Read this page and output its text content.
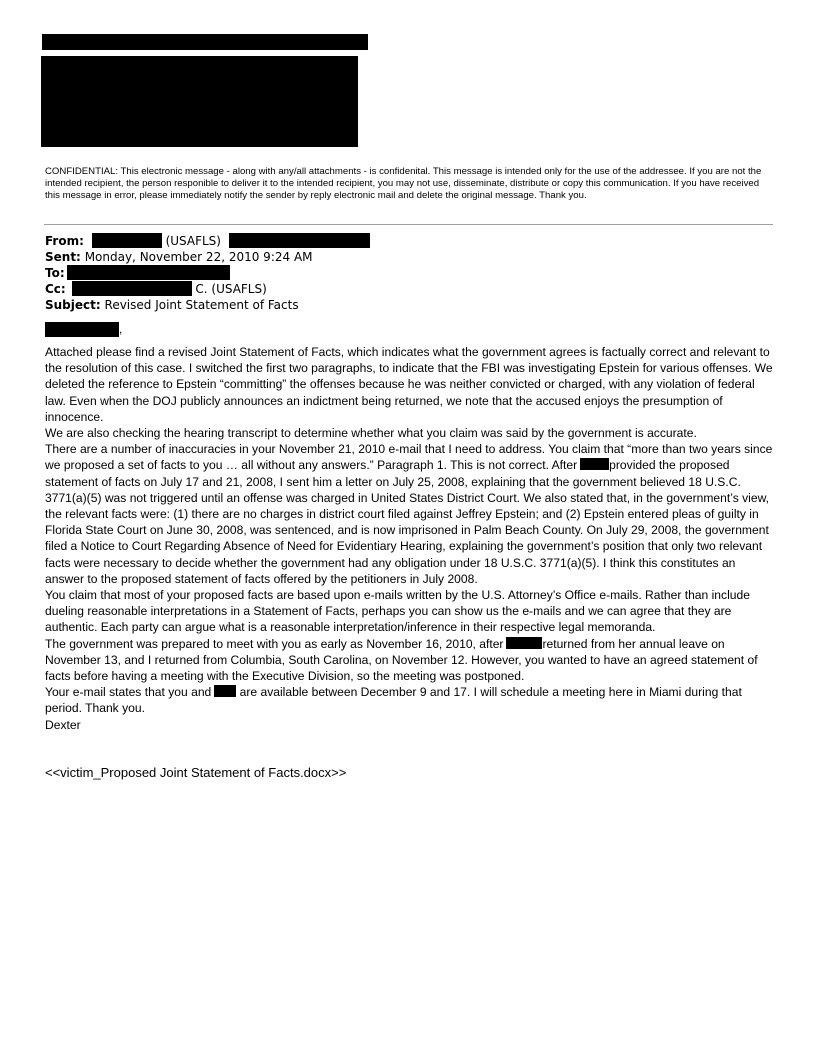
CONFIDENTIAL: This electronic message - along with any/all attachments - is confidenital. This message is intended only for the use of the addressee. If you are not the intended recipient, the person responible to deliver it to the intended recipient, you may not use, disseminate, distribute or copy this communication. If you have received this message in error, please immediately notify the sender by reply electronic mail and delete the original message. Thank you.
From:	(USAFLS)
Sent: Monday, November 22, 2010 9:24 AM
To:
Cc:	C. (USAFLS)
Subject: Revised Joint Statement of Facts
,

Attached please find a revised Joint Statement of Facts, which indicates what the government agrees is factually correct and relevant to the resolution of this case. I switched the first two paragraphs, to indicate that the FBI was investigating Epstein for various offenses. We deleted the reference to Epstein “committing” the offenses because he was neither convicted or charged, with any violation of federal law. Even when the DOJ publicly announces an indictment being returned, we note that the accused enjoys the presumption of innocence.

We are also checking the hearing transcript to determine whether what you claim was said by the government is accurate.

There are a number of inaccuracies in your November 21, 2010 e-mail that I need to address. You claim that “more than two years since we proposed a set of facts to you … all without any answers.” Paragraph 1. This is not correct. After	provided the proposed statement of facts on July 17 and 21, 2008, I sent him a letter on July 25, 2008, explaining that the government believed 18 U.S.C. 3771(a)(5) was not triggered until an offense was charged in United States District Court. We also stated that, in the government’s view, the relevant facts were: (1) there are no charges in district court filed against Jeffrey Epstein; and (2) Epstein entered pleas of guilty in Florida State Court on June 30, 2008, was sentenced, and is now imprisoned in Palm Beach County. On July 29, 2008, the government filed a Notice to Court Regarding Absence of Need for Evidentiary Hearing, explaining the government’s position that only two relevant facts were necessary to decide whether the government had any obligation under 18 U.S.C. 3771(a)(5). I think this constitutes an answer to the proposed statement of facts offered by the petitioners in July 2008.

You claim that most of your proposed facts are based upon e-mails written by the U.S. Attorney’s Office e-mails. Rather than include dueling reasonable interpretations in a Statement of Facts, perhaps you can show us the e-mails and we can agree that they are authentic. Each party can argue what is a reasonable interpretation/inference in their respective legal memoranda.

The government was prepared to meet with you as early as November 16, 2010, after	returned from her annual leave on November 13, and I returned from Columbia, South Carolina, on November 12. However, you wanted to have an agreed statement of facts before having a meeting with the Executive Division, so the meeting was postponed.

Your e-mail states that you and are available between December 9 and 17. I will schedule a meeting here in Miami during that period. Thank you.

Dexter

<<victim_Proposed Joint Statement of Facts.docx>>
